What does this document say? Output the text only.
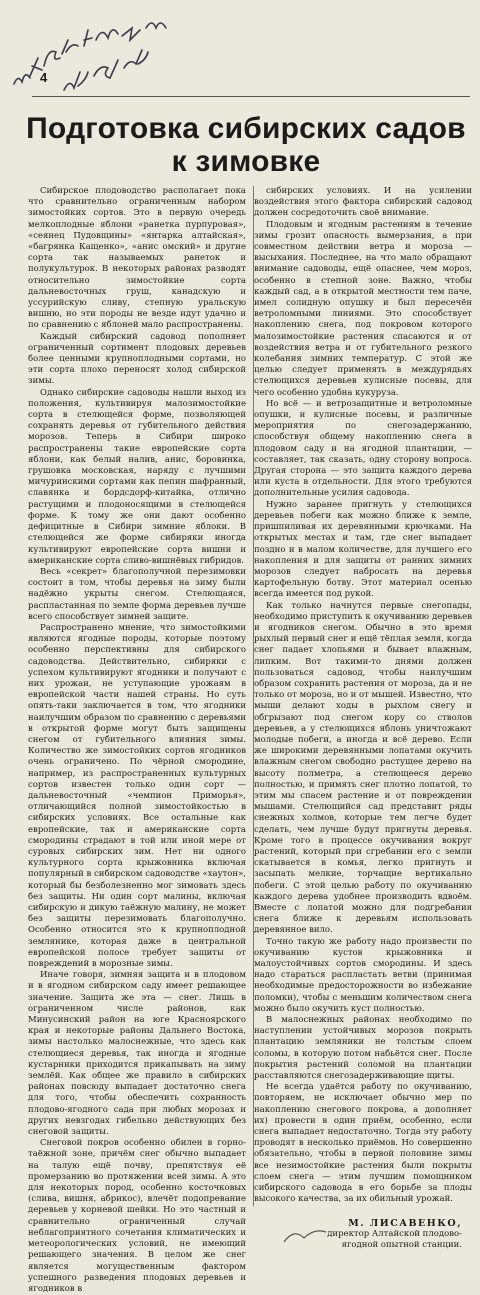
4
Подготовка сибирских садов
к зимовке

Сибирское плодоводство располагает пока что сравнительно ограниченным набором зимостойких сортов. Это в первую очередь мелкоплодные яблони «ранетка пурпуровая», «сеянец Пудовщины» «янтарка алтайская», «багрянка Кащенко», «анис омский» и другие сорта так называемых ранеток и полукультурок. В некоторых районах разводят относительно зимостойкие сорта дальневосточных груш, канадскую и уссурийскую сливу, степную уральскую вишню, но эти породы не везде идут удачно и по сравнению с яблоней мало распространены.

Каждый сибирский садовод пополняет ограниченный сортимент плодовых деревьев более ценными крупноплодными сортами, но эти сорта плохо переносят холод сибирской зимы.

Однако сибирские садоводы нашли выход из положения, культивируя малозимостойкие сорта в стелющейся форме, позволяющей сохранять деревья от губительного действия морозов. Теперь в Сибири широко распространены такие европейские сорта яблони, как белый налив, анис, боровинка, грушовка московская, наряду с лучшими мичуринскими сортами как пепин шафранный, славянка и бордсдорф-китайка, отлично растущими и плодоносящими в стелющейся форме. К тому же они дают особенно дефицитные в Сибири зимние яблоки. В стелющейся же форме сибиряки иногда культивируют европейские сорта вишни и американские сорта сливо-вишнёвых гибридов.

Весь «секрет» благополучной перезимовки состоит в том, чтобы деревья на зиму были надёжно укрыты снегом. Стелющаяся, распластанная по земле форма деревьев лучше всего способствует зимней защите.

Распространено мнение, что зимостойкими являются ягодные породы, которые поэтому особенно перспективны для сибирского садоводства. Действительно, сибиряки с успехом культивируют ягодники и получают с них урожаи, не уступающие урожаям в европейской части нашей страны. Но суть опять-таки заключается в том, что ягодники наилучшим образом по сравнению с деревьями в открытой форме могут быть защищены снегом от губительного влияния зимы. Количество же зимостойких сортов ягодников очень ограничено. По чёрной смородине, например, из распространенных культурных сортов известен только один сорт — дальневосточный «чемпион Приморья», отличающийся полной зимостойкостью в сибирских условиях. Все остальные как европейские, так и американские сорта смородины страдают в той или иной мере от суровых сибирских зим. Нет ни одного культурного сорта крыжовника включая популярный в сибирском садоводстве «хаутон», который бы безболезненно мог зимовать здесь без защиты. Ни один сорт малины, включая сибирскую и дикую таёжную малину, не может без защиты перезимовать благополучно. Особенно относится это к крупноплодной землянике, которая даже в центральной европейской полосе требует защиты от повреждений в морозные зимы.

Иначе говоря, зимняя защита и в плодовом и в ягодном сибирском саду имеет решающее значение. Защита же эта — снег. Лишь в ограниченном числе районов, как Минусинский район на юге Красноярского края и некоторые районы Дальнего Востока, зимы настолько малоснежные, что здесь как стелющиеся деревья, так иногда и ягодные кустарники приходится прикапывать на зиму землёй. Как общее же правило в сибирских районах повсюду выпадает достаточно снега для того, чтобы обеспечить сохранность плодово-ягодного сада при любых морозах и других невзгодах гибельно действующих без снеговой защиты.

Снеговой покров особенно обилен в горно-таёжной зоне, причём снег обычно выпадает на талую ещё почву, препятствуя её промерзанию во протяжении всей зимы. А это для некоторых пород, особенно косточковых (слива, вишня, абрикос), влечёт подопревание деревьев у корневой шейки. Но это частный и сравнительно ограниченный случай неблагоприятного сочетания климатических и метеорологических условий, не имеющий решающего значения. В целом же снег является могущественным фактором успешного разведения плодовых деревьев и ягодников в

сибирских условиях. И на усилении воздействия этого фактора сибирский садовод должен сосредоточить своё внимание.

Плодовым и ягодным растениям в течение зимы грозит опасность вымерзания, а при совместном действии ветра и мороза — высыхания. Последнее, на что мало обращают внимание садоводы, ещё опаснее, чем мороз, особенно в степной зоне. Важно, чтобы каждый сад, а в открытой местности тем паче, имел солидную опушку и был пересечён ветроломными линиями. Это способствует накоплению снега, под покровом которого малозимостойкие растения спасаются и от воздействия ветра и от губительного резкого колебания зимних температур. С этой же целью следует применять в междурядьях стелющихся деревьев кулисные посевы, для чего особенно удобна кукуруза.

Но всё — и ветрозащитные и ветроломные опушки, и кулисные посевы, и различные мероприятия по снегозадержанию, способствуя общему накоплению снега в плодовом саду и на ягодной плантации, — составляет, так сказать, одну сторону вопроса. Другая сторона — это защита каждого дерева или куста в отдельности. Для этого требуются дополнительные усилия садовода.

Нужно заранее пригнуть у стелющихся деревьев побеги как можно ближе к земле, пришпиливая их деревянными крючками. На открытых местах и там, где снег выпадает поздно и в малом количестве, для лучшего его накопления и для защиты от ранних зимних морозов следует набросать на деревья картофельную ботву. Этот материал осенью всегда имеется под рукой.

Как только начнутся первые снегопады, необходимо приступить к окучиванию деревьев и ягодников снегом. Обычно в это время рыхлый первый снег и ещё тёплая земля, когда снег падает хлопьями и бывает влажным, липким. Вот такими-то днями должен пользоваться садовод, чтобы наилучшим образом сохранить растения от мороза, да и не только от мороза, но и от мышей. Известно, что мыши делают ходы в рыхлом снегу и обгрызают под снегом кору со стволов деревьев, а у стелющихся яблонь уничтожают молодые побеги, а иногда и всё дерево. Если же широкими деревянными лопатами окучить влажным снегом свободно растущее дерево на высоту полметра, а стелющееся дерево полностью, и примять снег плотно лопатой, то этим мы спасем растение и от повреждения мышами. Стелющийся сад представит ряды снежных холмов, которые тем легче будет сделать, чем лучше будут пригнуты деревья. Кроме того в процессе окучивания вокруг растений, который при сгребании его с земли скатывается в комья, легко пригнуть и засыпать мелкие, торчащие вертикально побеги. С этой целью работу по окучиванию каждого дерева удобнее производить вдвоём. Вместе с лопатой можно для подгребания снега ближе к деревьям использовать деревянное вило.

Точно такую же работу надо произвести по окучиванию кустов крыжовника и малоустойчивых сортов смородины. И здесь надо стараться распластать ветви (принимая необходимые предосторожности во избежание поломки), чтобы с меньшим количеством снега можно было окучить куст полностью.

В малоснежных районах необходимо по наступлении устойчивых морозов покрыть плантацию земляники не толстым слоем соломы, в которую потом набьётся снег. После покрытия растений соломой на плантации расставляются снегозадерживающие щиты.

Не всегда удаётся работу по окучиванию, повторяем, не исключает обычно мер по накоплению снегового покрова, а дополняет их) провести в один приём, особенно, если снега выпадает недостаточно. Тогда эту работу проводят в несколько приёмов. Но совершенно обязательно, чтобы в первой половине зимы все незимостойкие растения были покрыты слоем снега — этим лучшим помощником сибирского садовода в его борьбе за плоды высокого качества, за их обильный урожай.

М. ЛИСАВЕНКО,
директор Алтайской плодово-
ягодной опытной станции.
